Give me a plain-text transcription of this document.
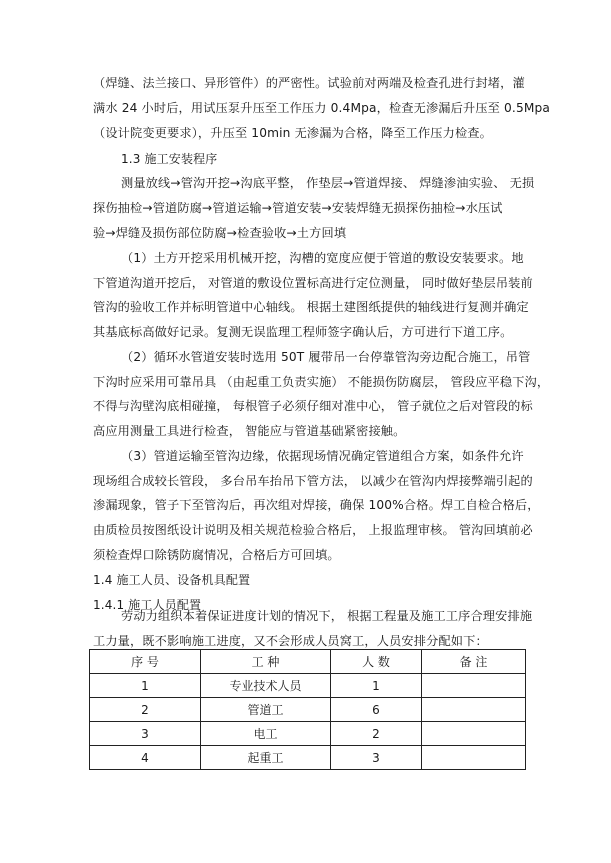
（焊缝、法兰接口、异形管件）的严密性。试验前对两端及检查孔进行封堵，灌
满水 24 小时后，用试压泵升压至工作压力 0.4Mpa，检查无渗漏后升压至 0.5Mpa
（设计院变更要求），升压至 10min 无渗漏为合格，降至工作压力检查。
1.3 施工安装程序
测量放线→管沟开挖→沟底平整， 作垫层→管道焊接、 焊缝渗油实验、 无损
探伤抽检→管道防腐→管道运输→管道安装→安装焊缝无损探伤抽检→水压试
验→焊缝及损伤部位防腐→检查验收→土方回填
（1）土方开挖采用机械开挖，沟槽的宽度应便于管道的敷设安装要求。地
下管道沟道开挖后， 对管道的敷设位置标高进行定位测量， 同时做好垫层吊装前
管沟的验收工作并标明管道中心轴线。 根据土建图纸提供的轴线进行复测并确定
其基底标高做好记录。复测无误监理工程师签字确认后，方可进行下道工序。
（2）循环水管道安装时选用 50T 履带吊一台停靠管沟旁边配合施工，吊管
下沟时应采用可靠吊具 （由起重工负责实施） 不能损伤防腐层， 管段应平稳下沟，
不得与沟壁沟底相碰撞， 每根管子必须仔细对准中心， 管子就位之后对管段的标
高应用测量工具进行检查， 智能应与管道基础紧密接触。
（3）管道运输至管沟边缘，依据现场情况确定管道组合方案，如条件允许
现场组合成较长管段， 多台吊车抬吊下管方法， 以减少在管沟内焊接弊端引起的
渗漏现象，管子下至管沟后，再次组对焊接，确保 100%合格。焊工自检合格后，
由质检员按图纸设计说明及相关规范检验合格后， 上报监理审核。 管沟回填前必
须检查焊口除锈防腐情况，合格后方可回填。
1.4 施工人员、设备机具配置
1.4.1 施工人员配置
劳动力组织本着保证进度计划的情况下， 根据工程量及施工工序合理安排施
序 号	工 种	人 数	备 注
1	专业技术人员	1	
2	管道工	6	
3	电工	2	
4	起重工	3	
工力量，既不影响施工进度，又不会形成人员窝工，人员安排分配如下：
